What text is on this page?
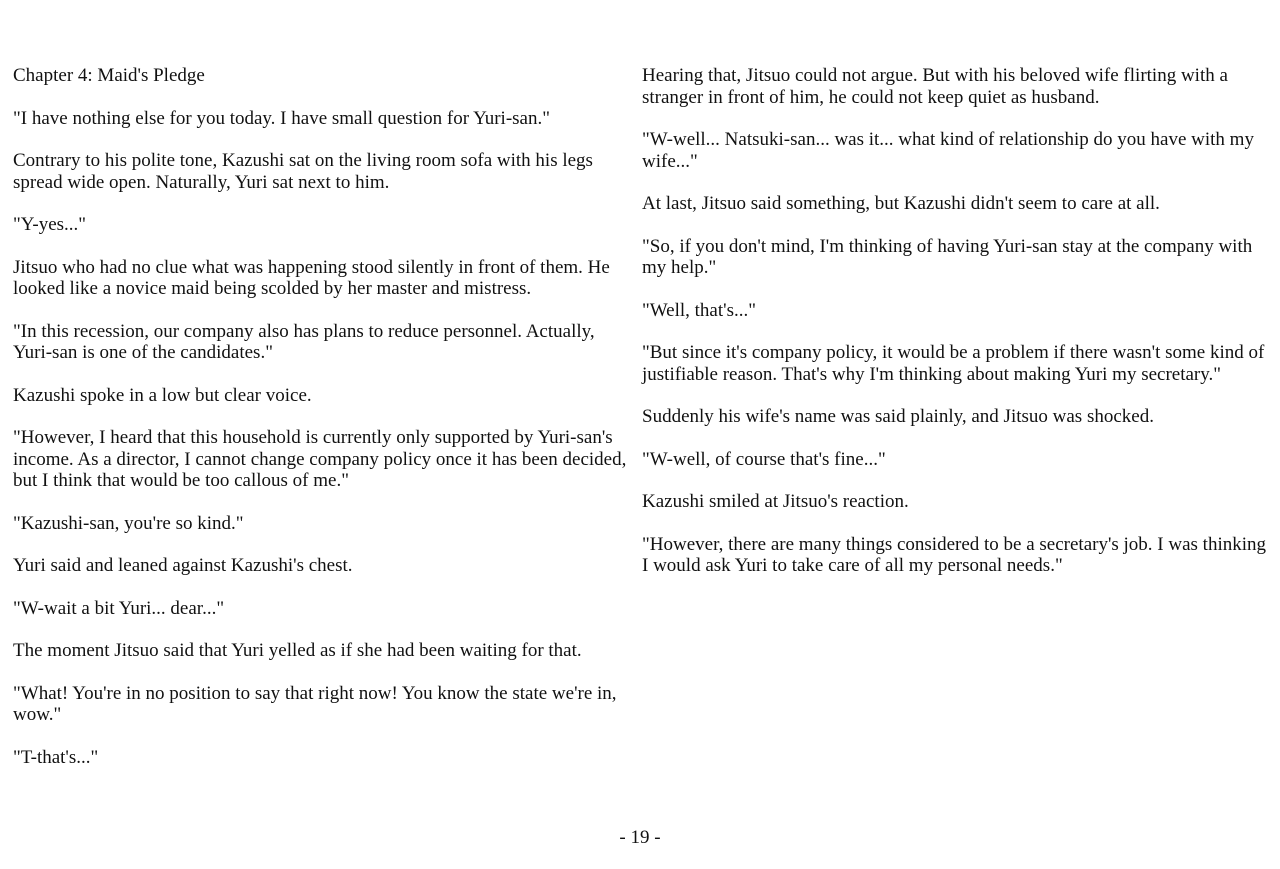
Chapter 4: Maid's Pledge

"I have nothing else for you today. I have small question for Yuri-san."

Contrary to his polite tone, Kazushi sat on the living room sofa with his legs spread wide open. Naturally, Yuri sat next to him.

"Y-yes..."

Jitsuo who had no clue what was happening stood silently in front of them. He looked like a novice maid being scolded by her master and mistress.

"In this recession, our company also has plans to reduce personnel. Actually, Yuri-san is one of the candidates."

Kazushi spoke in a low but clear voice.

"However, I heard that this household is currently only supported by Yuri-san's income. As a director, I cannot change company policy once it has been decided, but I think that would be too callous of me."

"Kazushi-san, you're so kind."

Yuri said and leaned against Kazushi's chest.

"W-wait a bit Yuri... dear..."

The moment Jitsuo said that Yuri yelled as if she had been waiting for that.

"What! You're in no position to say that right now! You know the state we're in, wow."

"T-that's..."

Hearing that, Jitsuo could not argue. But with his beloved wife flirting with a stranger in front of him, he could not keep quiet as husband.

"W-well... Natsuki-san... was it... what kind of relationship do you have with my wife..."

At last, Jitsuo said something, but Kazushi didn't seem to care at all.

"So, if you don't mind, I'm thinking of having Yuri-san stay at the company with my help."

"Well, that's..."

"But since it's company policy, it would be a problem if there wasn't some kind of justifiable reason. That's why I'm thinking about making Yuri my secretary."

Suddenly his wife's name was said plainly, and Jitsuo was shocked.

"W-well, of course that's fine..."

Kazushi smiled at Jitsuo's reaction.

"However, there are many things considered to be a secretary's job. I was thinking I would ask Yuri to take care of all my personal needs."

- 19 -
